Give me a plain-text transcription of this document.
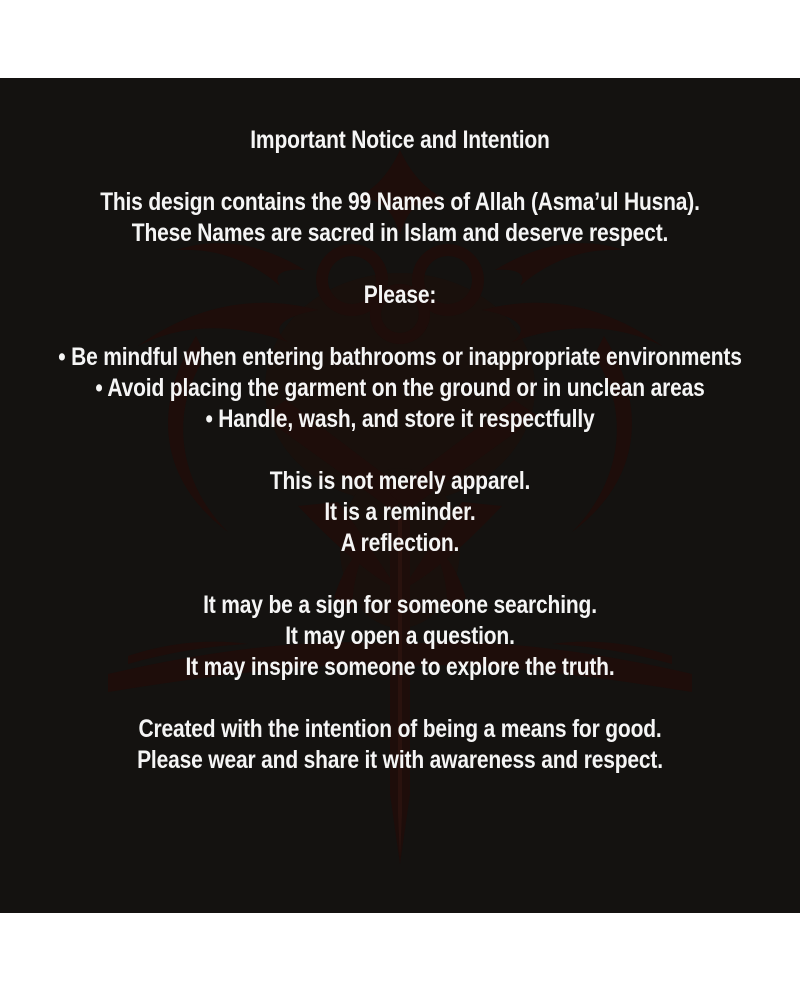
Important Notice and Intention
This design contains the 99 Names of Allah (Asma’ul Husna).
These Names are sacred in Islam and deserve respect.
Please:
• Be mindful when entering bathrooms or inappropriate environments
• Avoid placing the garment on the ground or in unclean areas
• Handle, wash, and store it respectfully
This is not merely apparel.
It is a reminder.
A reflection.
It may be a sign for someone searching.
It may open a question.
It may inspire someone to explore the truth.
Created with the intention of being a means for good.
Please wear and share it with awareness and respect.
